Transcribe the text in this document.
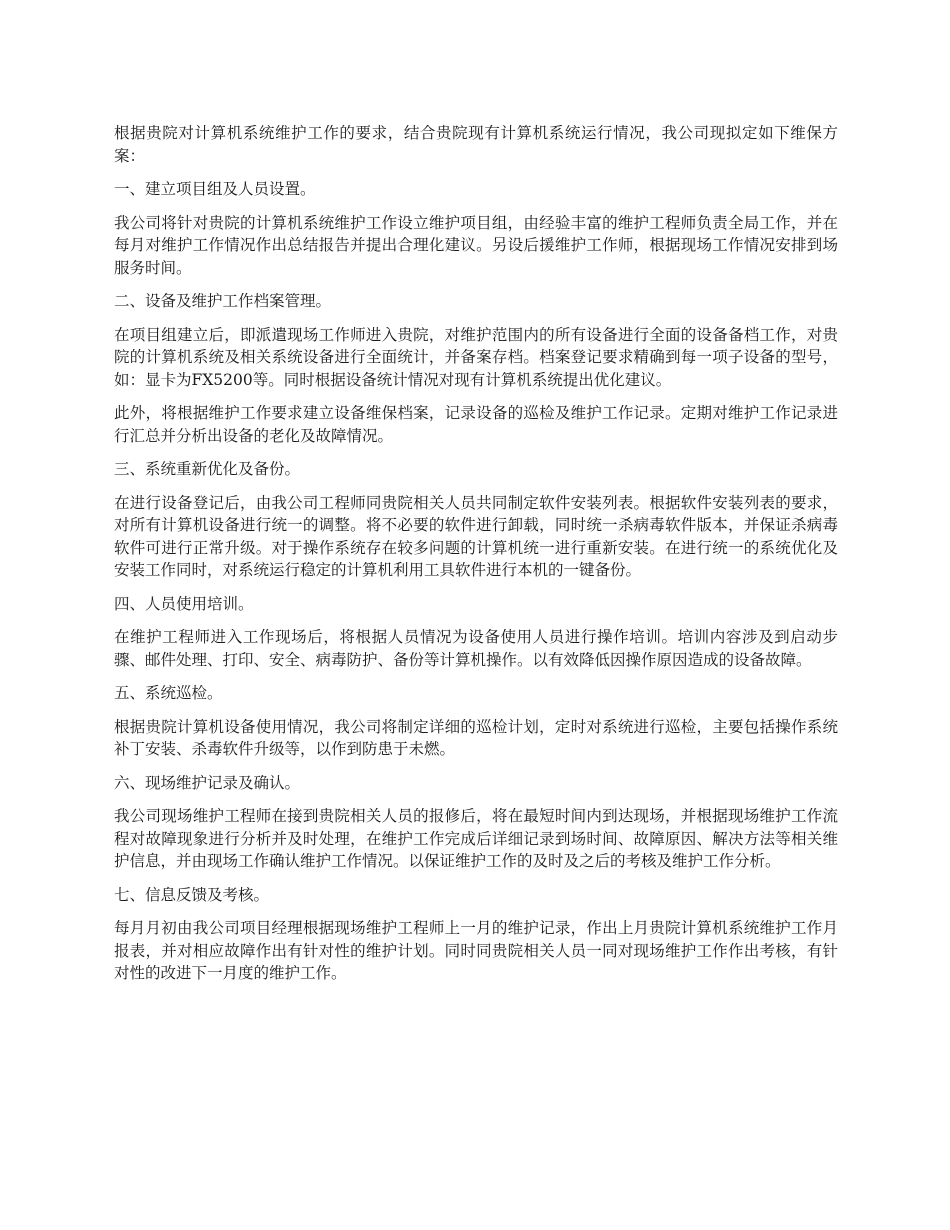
根据贵院对计算机系统维护工作的要求，结合贵院现有计算机系统运行情况，我公司现拟定如下维保方案：

一、建立项目组及人员设置。

我公司将针对贵院的计算机系统维护工作设立维护项目组，由经验丰富的维护工程师负责全局工作，并在每月对维护工作情况作出总结报告并提出合理化建议。另设后援维护工作师，根据现场工作情况安排到场服务时间。

二、设备及维护工作档案管理。

在项目组建立后，即派遣现场工作师进入贵院，对维护范围内的所有设备进行全面的设备备档工作，对贵院的计算机系统及相关系统设备进行全面统计，并备案存档。档案登记要求精确到每一项子设备的型号，如：显卡为FX5200等。同时根据设备统计情况对现有计算机系统提出优化建议。

此外，将根据维护工作要求建立设备维保档案，记录设备的巡检及维护工作记录。定期对维护工作记录进行汇总并分析出设备的老化及故障情况。

三、系统重新优化及备份。

在进行设备登记后，由我公司工程师同贵院相关人员共同制定软件安装列表。根据软件安装列表的要求，对所有计算机设备进行统一的调整。将不必要的软件进行卸载，同时统一杀病毒软件版本，并保证杀病毒软件可进行正常升级。对于操作系统存在较多问题的计算机统一进行重新安装。在进行统一的系统优化及安装工作同时，对系统运行稳定的计算机利用工具软件进行本机的一键备份。

四、人员使用培训。

在维护工程师进入工作现场后，将根据人员情况为设备使用人员进行操作培训。培训内容涉及到启动步骤、邮件处理、打印、安全、病毒防护、备份等计算机操作。以有效降低因操作原因造成的设备故障。

五、系统巡检。

根据贵院计算机设备使用情况，我公司将制定详细的巡检计划，定时对系统进行巡检，主要包括操作系统补丁安装、杀毒软件升级等，以作到防患于未燃。

六、现场维护记录及确认。

我公司现场维护工程师在接到贵院相关人员的报修后，将在最短时间内到达现场，并根据现场维护工作流程对故障现象进行分析并及时处理，在维护工作完成后详细记录到场时间、故障原因、解决方法等相关维护信息，并由现场工作确认维护工作情况。以保证维护工作的及时及之后的考核及维护工作分析。

七、信息反馈及考核。

每月月初由我公司项目经理根据现场维护工程师上一月的维护记录，作出上月贵院计算机系统维护工作月报表，并对相应故障作出有针对性的维护计划。同时同贵院相关人员一同对现场维护工作作出考核，有针对性的改进下一月度的维护工作。
